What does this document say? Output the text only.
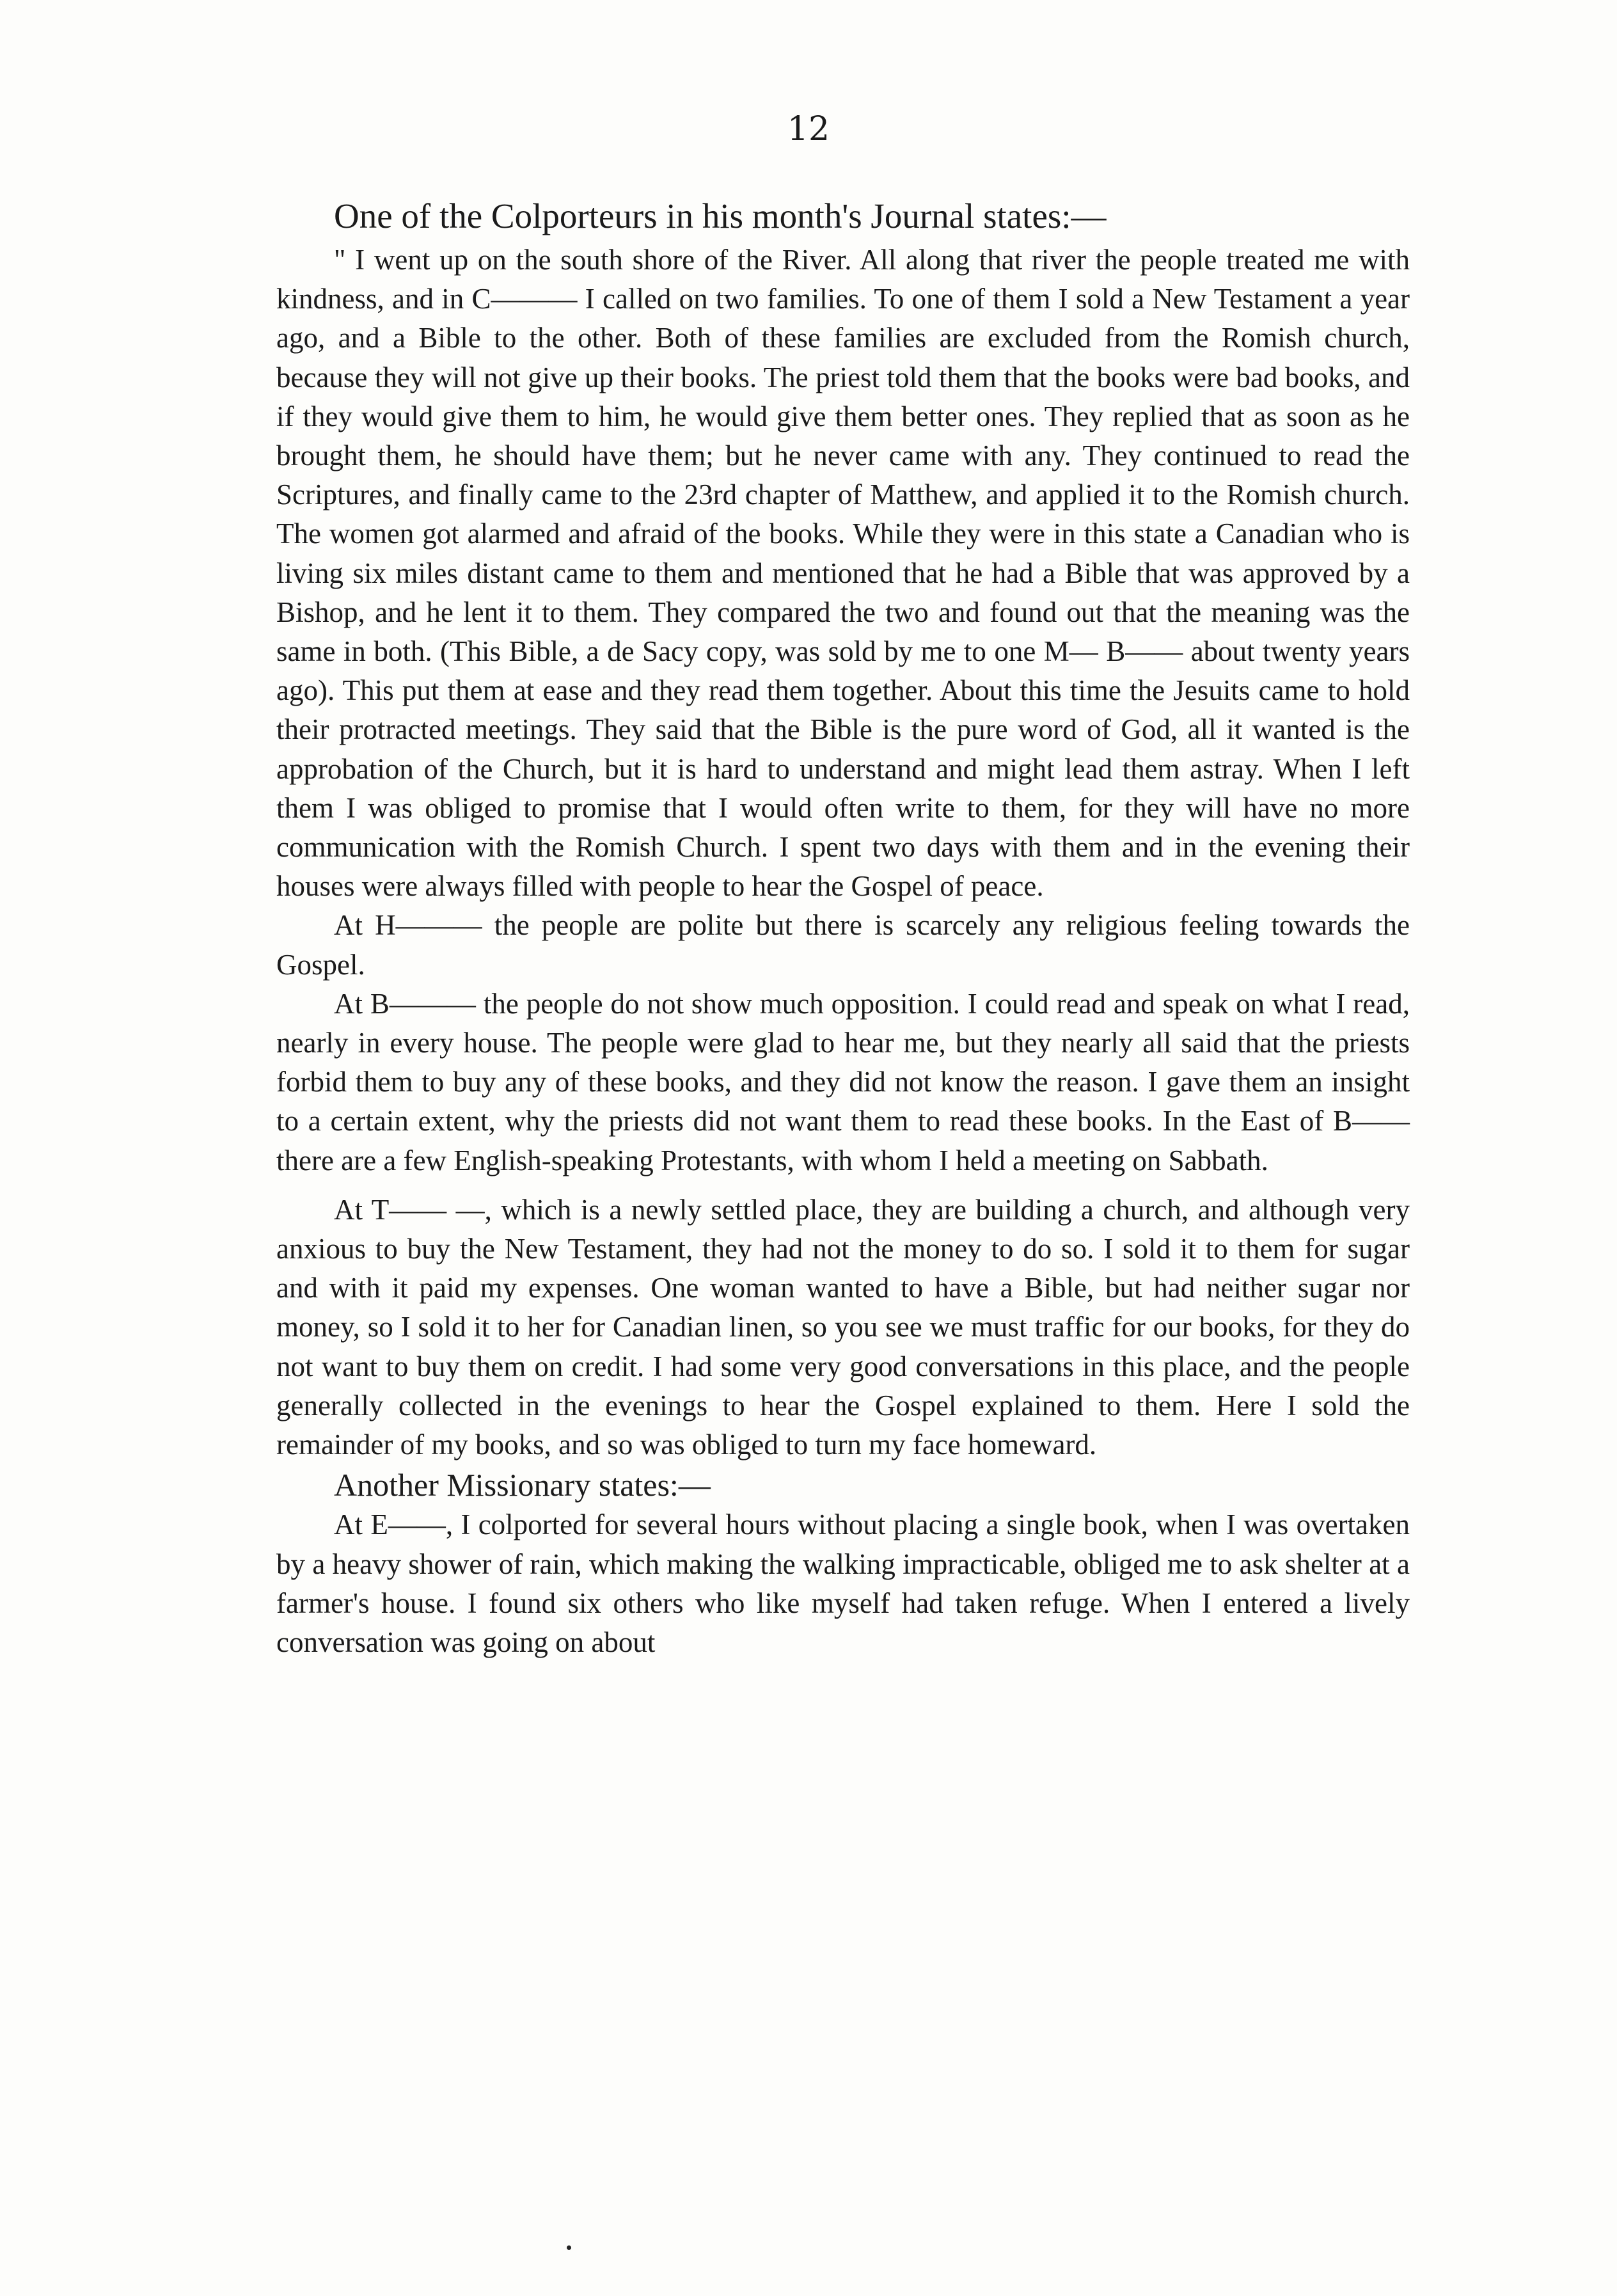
12

One of the Colporteurs in his month's Journal states:—

" I went up on the south shore of the River. All along that river the people treated me with kindness, and in C——— I called on two families. To one of them I sold a New Testament a year ago, and a Bible to the other. Both of these families are excluded from the Romish church, because they will not give up their books. The priest told them that the books were bad books, and if they would give them to him, he would give them better ones. They replied that as soon as he brought them, he should have them; but he never came with any. They continued to read the Scriptures, and finally came to the 23rd chapter of Matthew, and applied it to the Romish church. The women got alarmed and afraid of the books. While they were in this state a Canadian who is living six miles distant came to them and mentioned that he had a Bible that was approved by a Bishop, and he lent it to them. They compared the two and found out that the meaning was the same in both. (This Bible, a de Sacy copy, was sold by me to one M— B—— about twenty years ago). This put them at ease and they read them together. About this time the Jesuits came to hold their protracted meetings. They said that the Bible is the pure word of God, all it wanted is the approbation of the Church, but it is hard to understand and might lead them astray. When I left them I was obliged to promise that I would often write to them, for they will have no more communication with the Romish Church. I spent two days with them and in the evening their houses were always filled with people to hear the Gospel of peace.

At H——— the people are polite but there is scarcely any religious feeling towards the Gospel.

At B——— the people do not show much opposition. I could read and speak on what I read, nearly in every house. The people were glad to hear me, but they nearly all said that the priests forbid them to buy any of these books, and they did not know the reason. I gave them an insight to a certain extent, why the priests did not want them to read these books. In the East of B—— there are a few English-speaking Protestants, with whom I held a meeting on Sabbath.

At T—— —, which is a newly settled place, they are building a church, and although very anxious to buy the New Testament, they had not the money to do so. I sold it to them for sugar and with it paid my expenses. One woman wanted to have a Bible, but had neither sugar nor money, so I sold it to her for Canadian linen, so you see we must traffic for our books, for they do not want to buy them on credit. I had some very good conversations in this place, and the people generally collected in the evenings to hear the Gospel explained to them. Here I sold the remainder of my books, and so was obliged to turn my face homeward.

Another Missionary states:—

At E——, I colported for several hours without placing a single book, when I was overtaken by a heavy shower of rain, which making the walking impracticable, obliged me to ask shelter at a farmer's house. I found six others who like myself had taken refuge. When I entered a lively conversation was going on about
